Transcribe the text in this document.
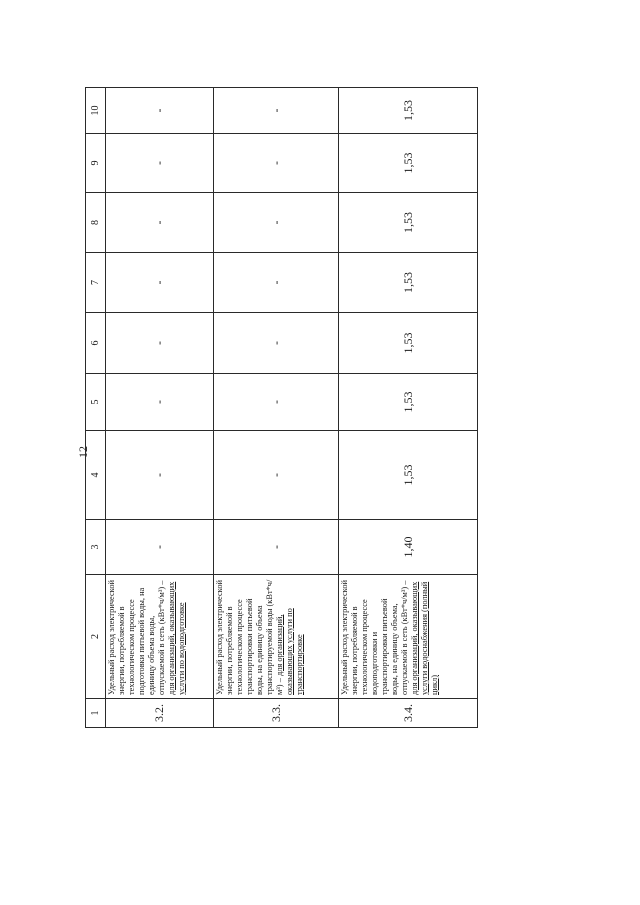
12
1	2	3	4	5	6	7	8	9	10
3.2.	Удельный расход электрической энергии, потребляемой в технологическом процессе подготовки питьевой воды, на единицу объема воды, отпускаемой в сеть (кВт*ч/м³) – для организаций, оказывающих услуги по водоподготовке	-	-	-	-	-	-	-	-
3.3.	Удельный расход электрической энергии, потребляемой в технологическом процессе транспортировки питьевой воды, на единицу объема транспортируемой воды (кВт*ч/м³) – для организаций, оказывающих услуги по транспортировке	-	-	-	-	-	-	-	-
3.4.	Удельный расход электрической энергии, потребляемой в технологическом процессе водоподготовки и транспортировки питьевой воды, на единицу объема, отпускаемой в сеть (кВт*ч/м³) – для организаций, оказывающих услуги водоснабжения (полный цикл)	1,40	1,53	1,53	1,53	1,53	1,53	1,53	1,53
